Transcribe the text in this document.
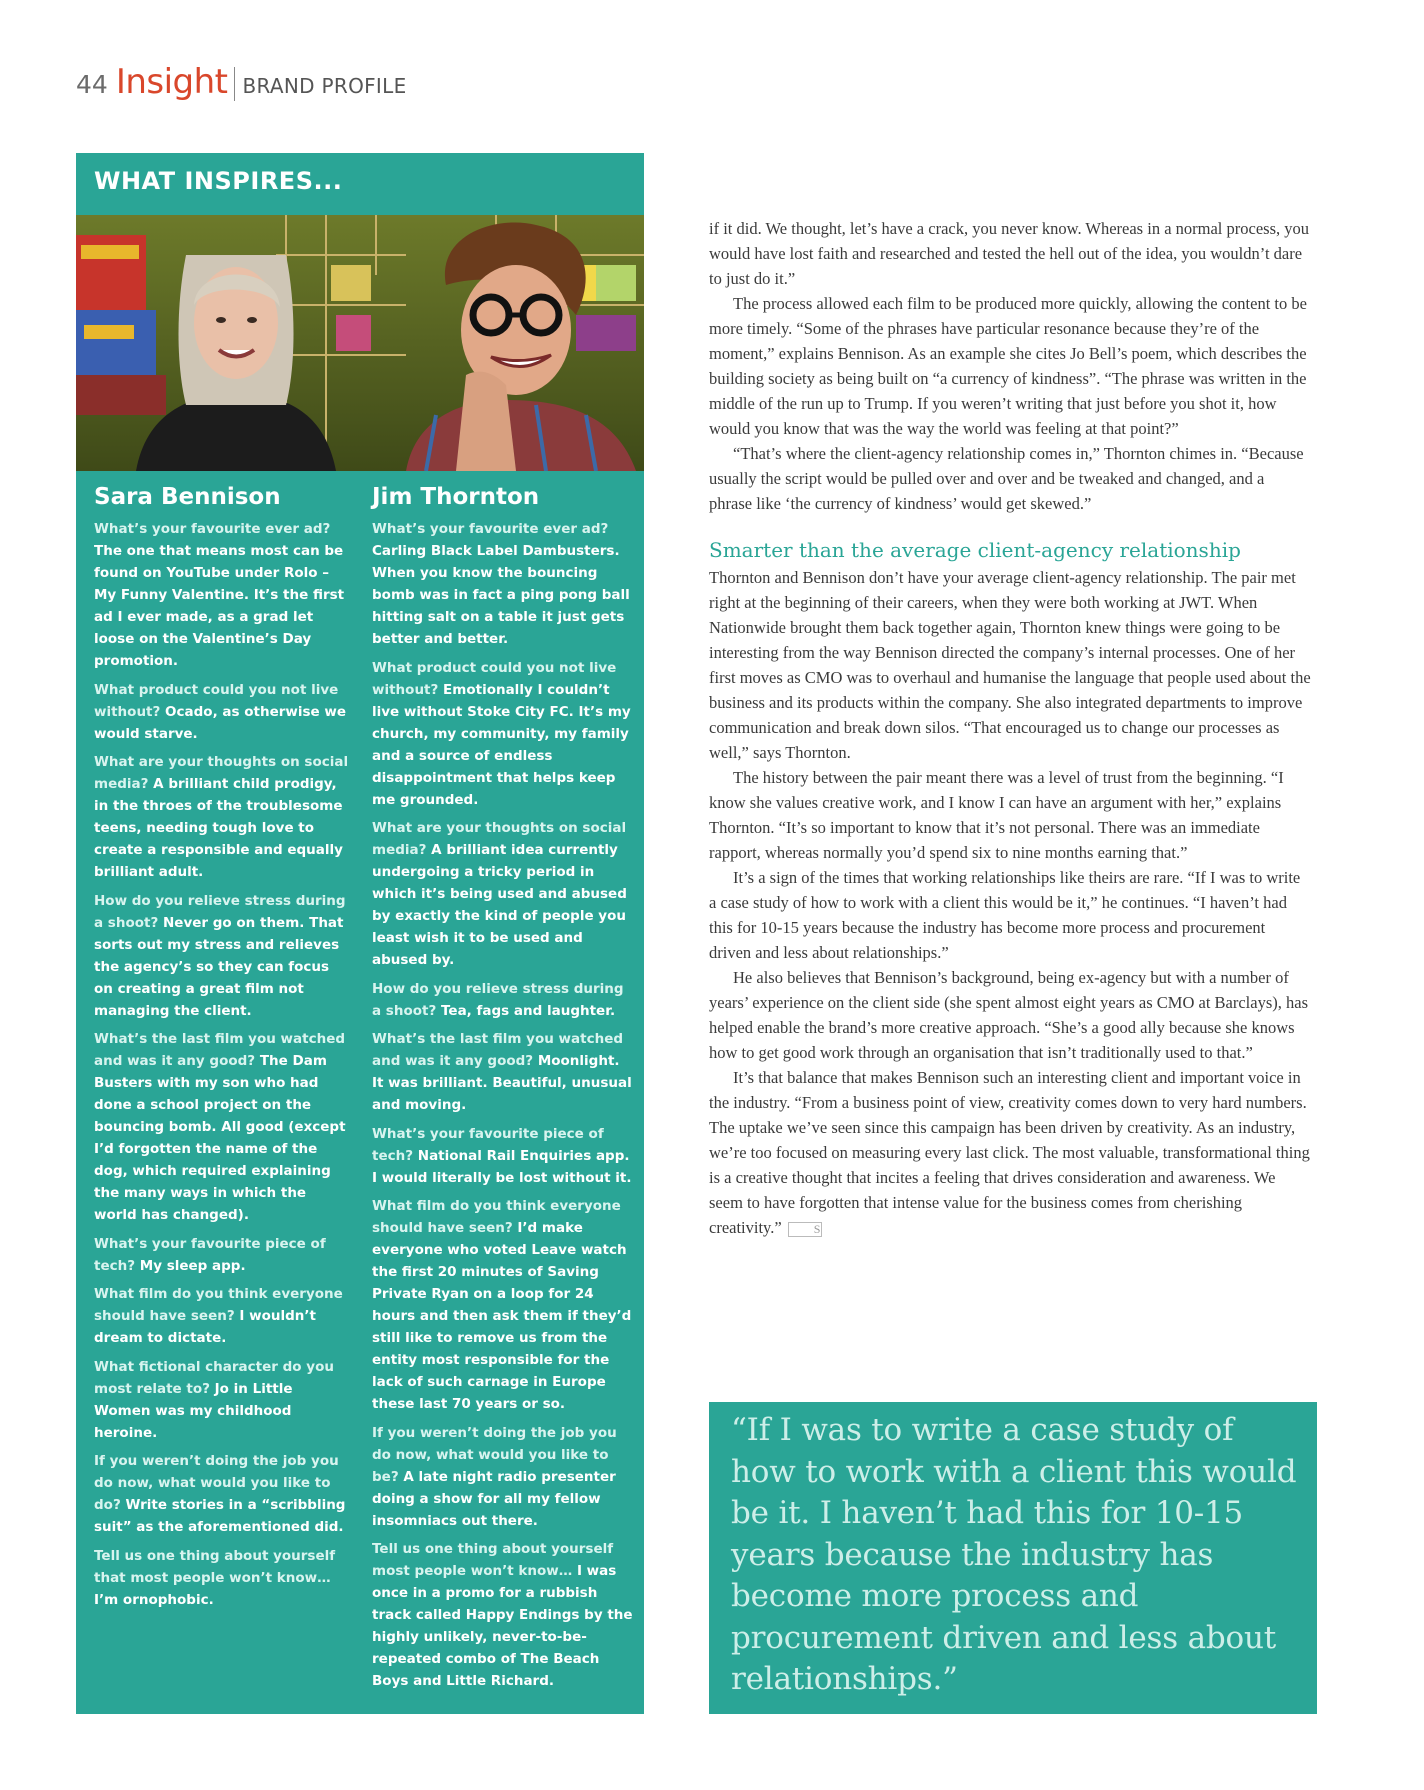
44 Insight BRAND PROFILE
WHAT INSPIRES...
Sara Bennison

What’s your favourite ever ad? The one that means most can be found on YouTube under Rolo – My Funny Valentine. It’s the first ad I ever made, as a grad let loose on the Valentine’s Day promotion.

What product could you not live without? Ocado, as otherwise we would starve.

What are your thoughts on social media? A brilliant child prodigy, in the throes of the troublesome teens, needing tough love to create a responsible and equally brilliant adult.

How do you relieve stress during a shoot? Never go on them. That sorts out my stress and relieves the agency’s so they can focus on creating a great film not managing the client.

What’s the last film you watched and was it any good? The Dam Busters with my son who had done a school project on the bouncing bomb. All good (except I’d forgotten the name of the dog, which required explaining the many ways in which the world has changed).

What’s your favourite piece of tech? My sleep app.

What film do you think everyone should have seen? I wouldn’t dream to dictate.

What fictional character do you most relate to? Jo in Little Women was my childhood heroine.

If you weren’t doing the job you do now, what would you like to do? Write stories in a “scribbling suit” as the aforementioned did.

Tell us one thing about yourself that most people won’t know… I’m ornophobic.

Jim Thornton

What’s your favourite ever ad? Carling Black Label Dambusters. When you know the bouncing bomb was in fact a ping pong ball hitting salt on a table it just gets better and better.

What product could you not live without? Emotionally I couldn’t live without Stoke City FC. It’s my church, my community, my family and a source of endless disappointment that helps keep me grounded.

What are your thoughts on social media? A brilliant idea currently undergoing a tricky period in which it’s being used and abused by exactly the kind of people you least wish it to be used and abused by.

How do you relieve stress during a shoot? Tea, fags and laughter.

What’s the last film you watched and was it any good? Moonlight. It was brilliant. Beautiful, unusual and moving.

What’s your favourite piece of tech? National Rail Enquiries app. I would literally be lost without it.

What film do you think everyone should have seen? I’d make everyone who voted Leave watch the first 20 minutes of Saving Private Ryan on a loop for 24 hours and then ask them if they’d still like to remove us from the entity most responsible for the lack of such carnage in Europe these last 70 years or so.

If you weren’t doing the job you do now, what would you like to be? A late night radio presenter doing a show for all my fellow insomniacs out there.

Tell us one thing about yourself most people won’t know… I was once in a promo for a rubbish track called Happy Endings by the highly unlikely, never-to-be-repeated combo of The Beach Boys and Little Richard.

if it did. We thought, let’s have a crack, you never know. Whereas in a normal process, you would have lost faith and researched and tested the hell out of the idea, you wouldn’t dare to just do it.”

The process allowed each film to be produced more quickly, allowing the content to be more timely. “Some of the phrases have particular resonance because they’re of the moment,” explains Bennison. As an example she cites Jo Bell’s poem, which describes the building society as being built on “a currency of kindness”. “The phrase was written in the middle of the run up to Trump. If you weren’t writing that just before you shot it, how would you know that was the way the world was feeling at that point?”

“That’s where the client-agency relationship comes in,” Thornton chimes in. “Because usually the script would be pulled over and over and be tweaked and changed, and a phrase like ‘the currency of kindness’ would get skewed.”

Smarter than the average client-agency relationship

Thornton and Bennison don’t have your average client-agency relationship. The pair met right at the beginning of their careers, when they were both working at JWT. When Nationwide brought them back together again, Thornton knew things were going to be interesting from the way Bennison directed the company’s internal processes. One of her first moves as CMO was to overhaul and humanise the language that people used about the business and its products within the company. She also integrated departments to improve communication and break down silos. “That encouraged us to change our processes as well,” says Thornton.

The history between the pair meant there was a level of trust from the beginning. “I know she values creative work, and I know I can have an argument with her,” explains Thornton. “It’s so important to know that it’s not personal. There was an immediate rapport, whereas normally you’d spend six to nine months earning that.”

It’s a sign of the times that working relationships like theirs are rare. “If I was to write a case study of how to work with a client this would be it,” he continues. “I haven’t had this for 10-15 years because the industry has become more process and procurement driven and less about relationships.”

He also believes that Bennison’s background, being ex-agency but with a number of years’ experience on the client side (she spent almost eight years as CMO at Barclays), has helped enable the brand’s more creative approach. “She’s a good ally because she knows how to get good work through an organisation that isn’t traditionally used to that.”

It’s that balance that makes Bennison such an interesting client and important voice in the industry. “From a business point of view, creativity comes down to very hard numbers. The uptake we’ve seen since this campaign has been driven by creativity. As an industry, we’re too focused on measuring every last click. The most valuable, transformational thing is a creative thought that incites a feeling that drives consideration and awareness. We seem to have forgotten that intense value for the business comes from cherishing creativity.”	S

“If I was to write a case study of how to work with a client this would be it. I haven’t had this for 10-15 years because the industry has become more process and procurement driven and less about relationships.”
